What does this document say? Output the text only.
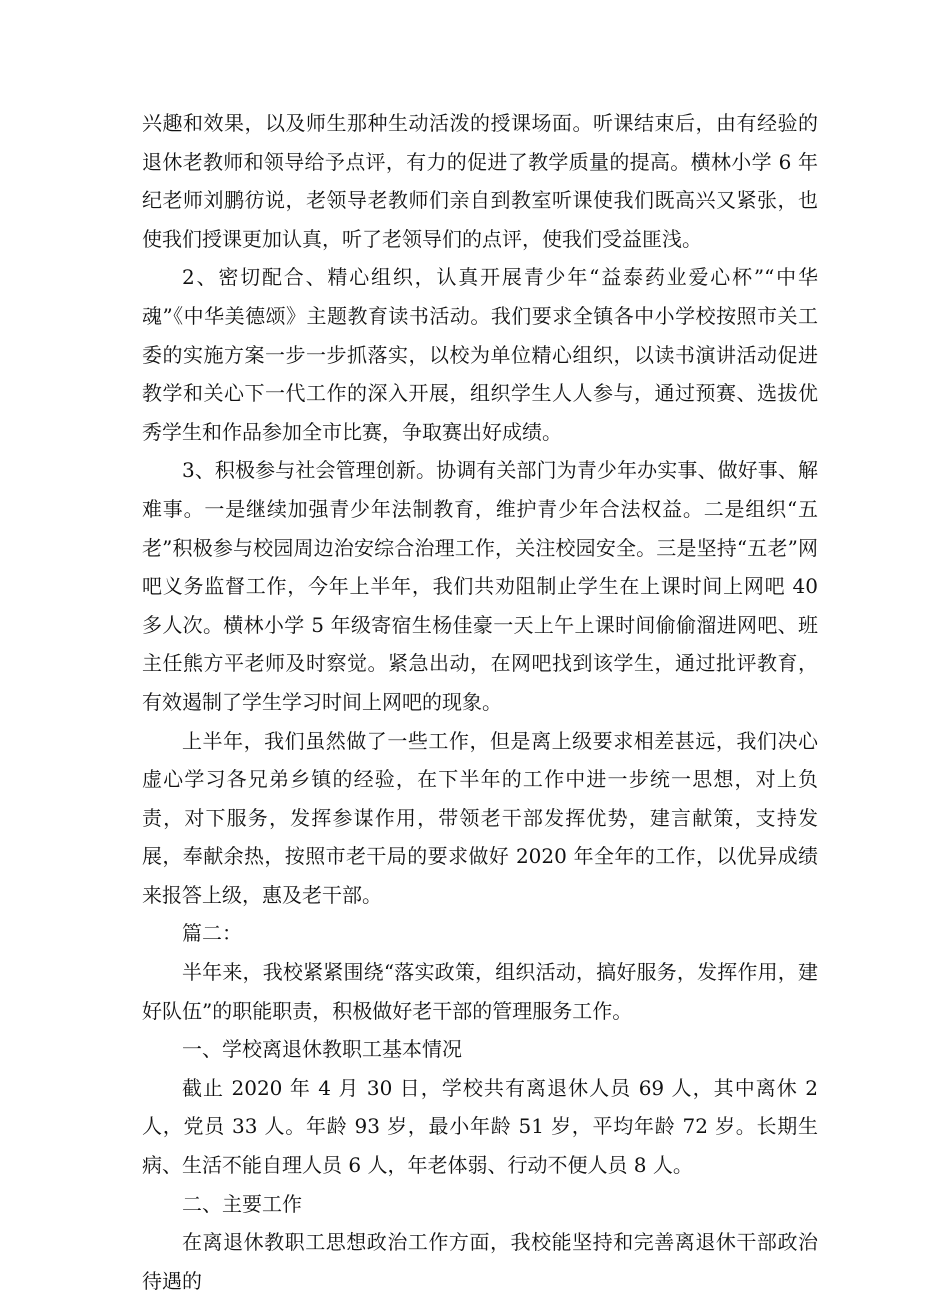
兴趣和效果，以及师生那种生动活泼的授课场面。听课结束后，由有经验的退休老教师和领导给予点评，有力的促进了教学质量的提高。横林小学 6 年纪老师刘鹏彷说，老领导老教师们亲自到教室听课使我们既高兴又紧张，也使我们授课更加认真，听了老领导们的点评，使我们受益匪浅。

2、密切配合、精心组织，认真开展青少年“益泰药业爱心杯”“中华魂”《中华美德颂》主题教育读书活动。我们要求全镇各中小学校按照市关工委的实施方案一步一步抓落实，以校为单位精心组织，以读书演讲活动促进教学和关心下一代工作的深入开展，组织学生人人参与，通过预赛、选拔优秀学生和作品参加全市比赛，争取赛出好成绩。

3、积极参与社会管理创新。协调有关部门为青少年办实事、做好事、解难事。一是继续加强青少年法制教育，维护青少年合法权益。二是组织“五老”积极参与校园周边治安综合治理工作，关注校园安全。三是坚持“五老”网吧义务监督工作，今年上半年，我们共劝阻制止学生在上课时间上网吧 40 多人次。横林小学 5 年级寄宿生杨佳豪一天上午上课时间偷偷溜进网吧、班主任熊方平老师及时察觉。紧急出动，在网吧找到该学生，通过批评教育，有效遏制了学生学习时间上网吧的现象。

上半年，我们虽然做了一些工作，但是离上级要求相差甚远，我们决心虚心学习各兄弟乡镇的经验，在下半年的工作中进一步统一思想，对上负责，对下服务，发挥参谋作用，带领老干部发挥优势，建言献策，支持发展，奉献余热，按照市老干局的要求做好 2020 年全年的工作，以优异成绩来报答上级，惠及老干部。

篇二：

半年来，我校紧紧围绕“落实政策，组织活动，搞好服务，发挥作用，建好队伍”的职能职责，积极做好老干部的管理服务工作。

一、学校离退休教职工基本情况

截止 2020 年 4 月 30 日，学校共有离退休人员 69 人，其中离休 2 人，党员 33 人。年龄 93 岁，最小年龄 51 岁，平均年龄 72 岁。长期生病、生活不能自理人员 6 人，年老体弱、行动不便人员 8 人。

二、主要工作

在离退休教职工思想政治工作方面，我校能坚持和完善离退休干部政治待遇的
